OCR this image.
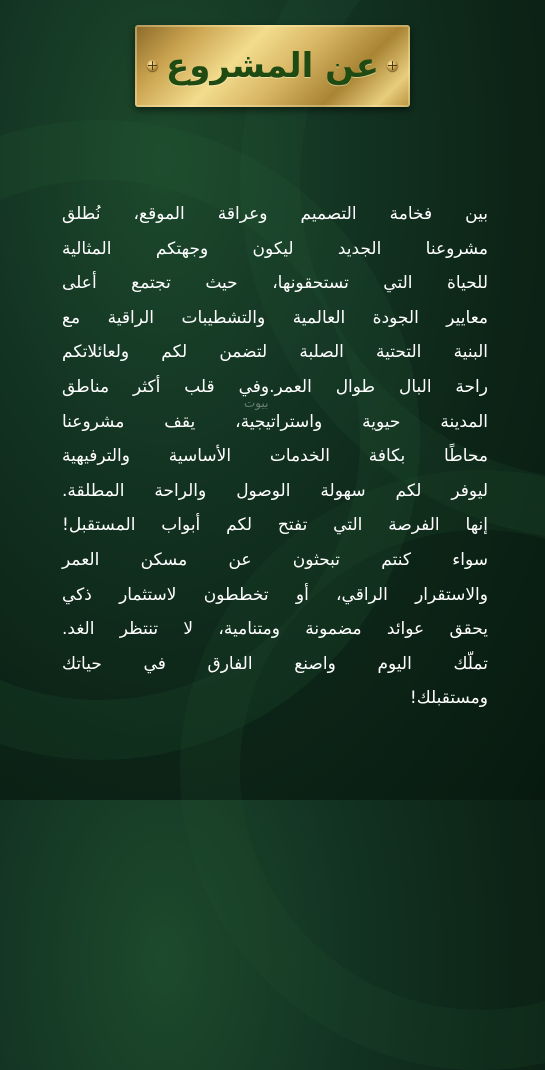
عن المشروع

بين فخامة التصميم وعراقة الموقع، نُطلق
مشروعنا الجديد ليكون وجهتكم المثالية
للحياة التي تستحقونها، حيث تجتمع أعلى
معايير الجودة العالمية والتشطيبات الراقية مع
البنية التحتية الصلبة لتضمن لكم ولعائلاتكم
راحة البال طوال العمر.وفي قلب أكثر مناطق
المدينة حيوية واستراتيجية، يقف مشروعنا
محاطًا بكافة الخدمات الأساسية والترفيهية
ليوفر لكم سهولة الوصول والراحة المطلقة.
إنها الفرصة التي تفتح لكم أبواب المستقبل!
سواء كنتم تبحثون عن مسكن العمر
والاستقرار الراقي، أو تخططون لاستثمار ذكي
يحقق عوائد مضمونة ومتنامية، لا تنتظر الغد.
تملّك اليوم واصنع الفارق في حياتك
ومستقبلك!

بيوت
